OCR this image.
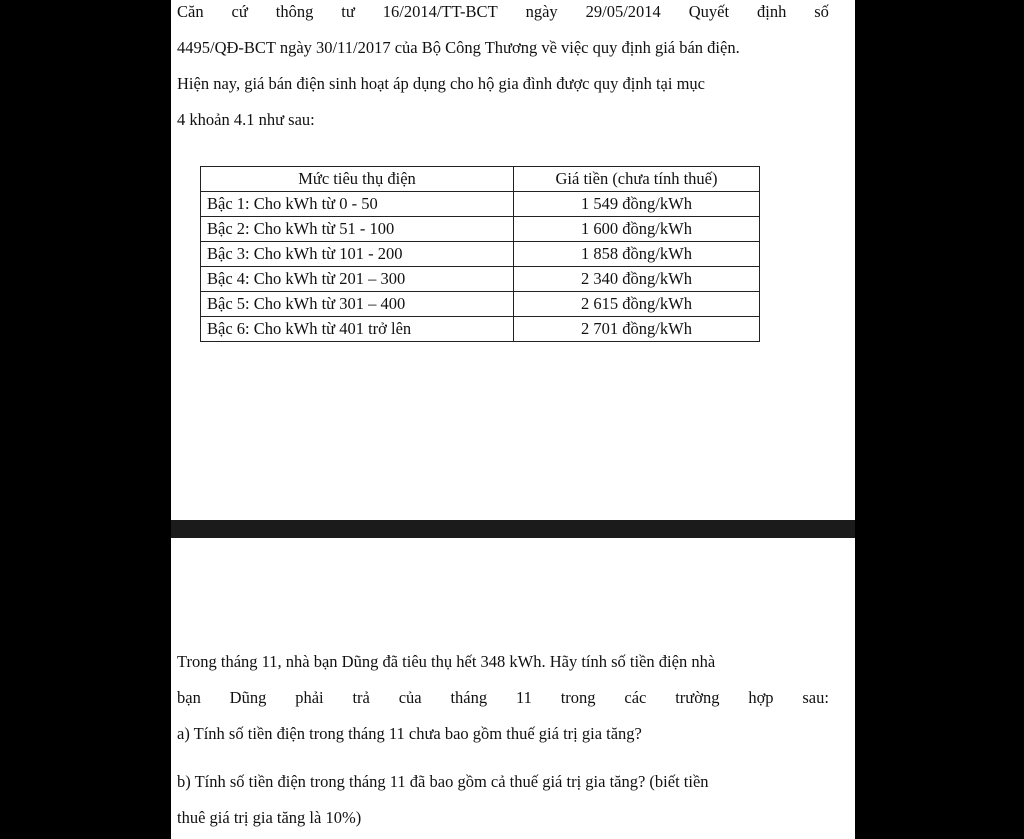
Căn cứ thông tư 16/2014/TT-BCT ngày 29/05/2014 Quyết định số
4495/QĐ-BCT ngày 30/11/2017 của Bộ Công Thương về việc quy định giá bán điện.
Hiện nay, giá bán điện sinh hoạt áp dụng cho hộ gia đình được quy định tại mục
4 khoản 4.1 như sau:
Mức tiêu thụ điện	Giá tiền (chưa tính thuế)
Bậc 1: Cho kWh từ 0 - 50	1 549 đồng/kWh
Bậc 2: Cho kWh từ 51 - 100	1 600 đồng/kWh
Bậc 3: Cho kWh từ 101 - 200	1 858 đồng/kWh
Bậc 4: Cho kWh từ 201 – 300	2 340 đồng/kWh
Bậc 5: Cho kWh từ 301 – 400	2 615 đồng/kWh
Bậc 6: Cho kWh từ 401 trở lên	2 701 đồng/kWh
Trong tháng 11, nhà bạn Dũng đã tiêu thụ hết 348 kWh. Hãy tính số tiền điện nhà
bạn Dũng phải trả của tháng 11 trong các trường hợp sau:
a) Tính số tiền điện trong tháng 11 chưa bao gồm thuế giá trị gia tăng?
b) Tính số tiền điện trong tháng 11 đã bao gồm cả thuế giá trị gia tăng? (biết tiền
thuê giá trị gia tăng là 10%)
